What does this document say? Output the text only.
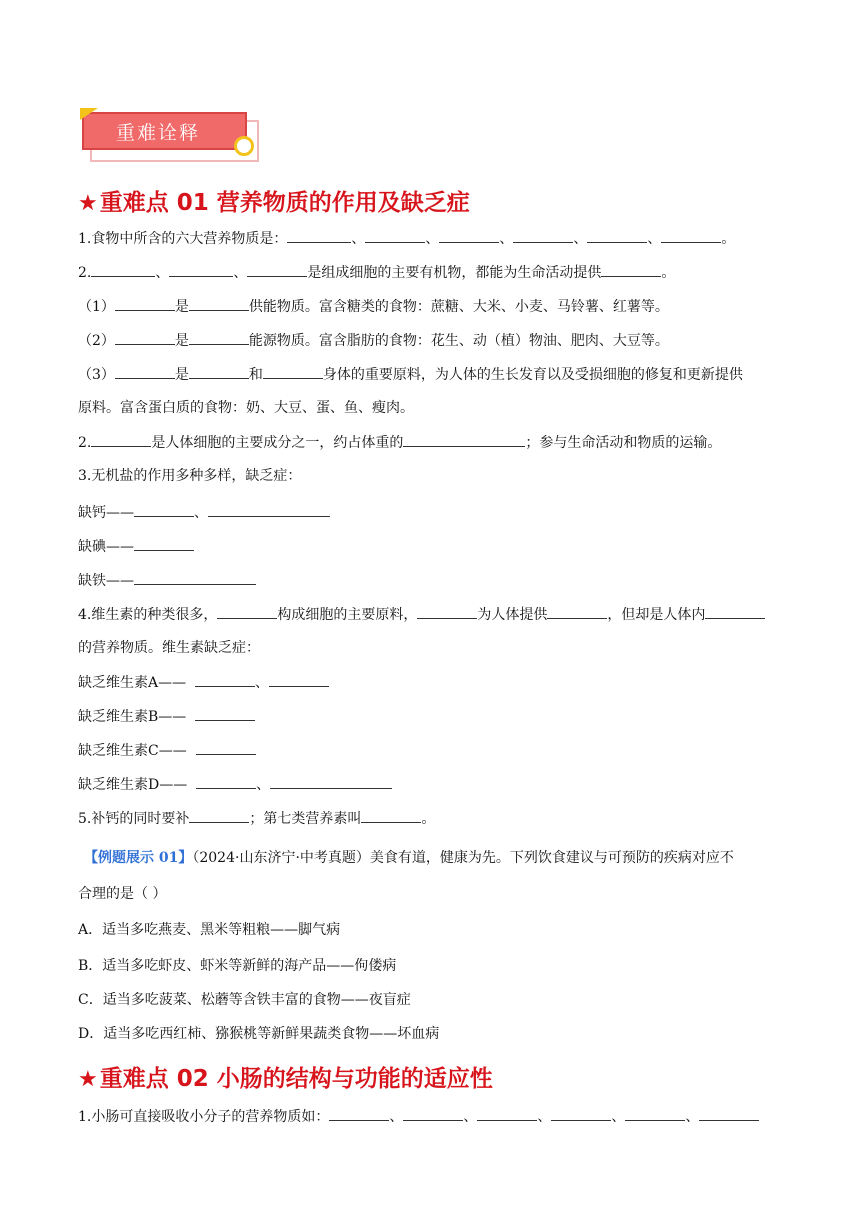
重难诠释
★重难点 01 营养物质的作用及缺乏症
1.食物中所含的六大营养物质是：	、	、	、	、	、	。
2.	、	、	是组成细胞的主要有机物，都能为生命活动提供	。
（1）	是	供能物质。富含糖类的食物：蔗糖、大米、小麦、马铃薯、红薯等。
（2）	是	能源物质。富含脂肪的食物：花生、动（植）物油、肥肉、大豆等。
（3）	是	和	身体的重要原料，为人体的生长发育以及受损细胞的修复和更新提供
原料。富含蛋白质的食物：奶、大豆、蛋、鱼、瘦肉。
2.	是人体细胞的主要成分之一，约占体重的	；参与生命活动和物质的运输。
3.无机盐的作用多种多样，缺乏症：
缺钙——	、
缺碘——
缺铁——
4.维生素的种类很多，	构成细胞的主要原料，	为人体提供	，但却是人体内
的营养物质。维生素缺乏症：
缺乏维生素A——	、
缺乏维生素B——
缺乏维生素C——
缺乏维生素D——	、
5.补钙的同时要补	；第七类营养素叫	。
【例题展示 01】（2024·山东济宁·中考真题）美食有道，健康为先。下列饮食建议与可预防的疾病对应不
合理的是（ ）
A．适当多吃燕麦、黑米等粗粮——脚气病
B．适当多吃虾皮、虾米等新鲜的海产品——佝偻病
C．适当多吃菠菜、松蘑等含铁丰富的食物——夜盲症
D．适当多吃西红柿、猕猴桃等新鲜果蔬类食物——坏血病
★重难点 02 小肠的结构与功能的适应性
1.小肠可直接吸收小分子的营养物质如：	、	、	、	、	、
